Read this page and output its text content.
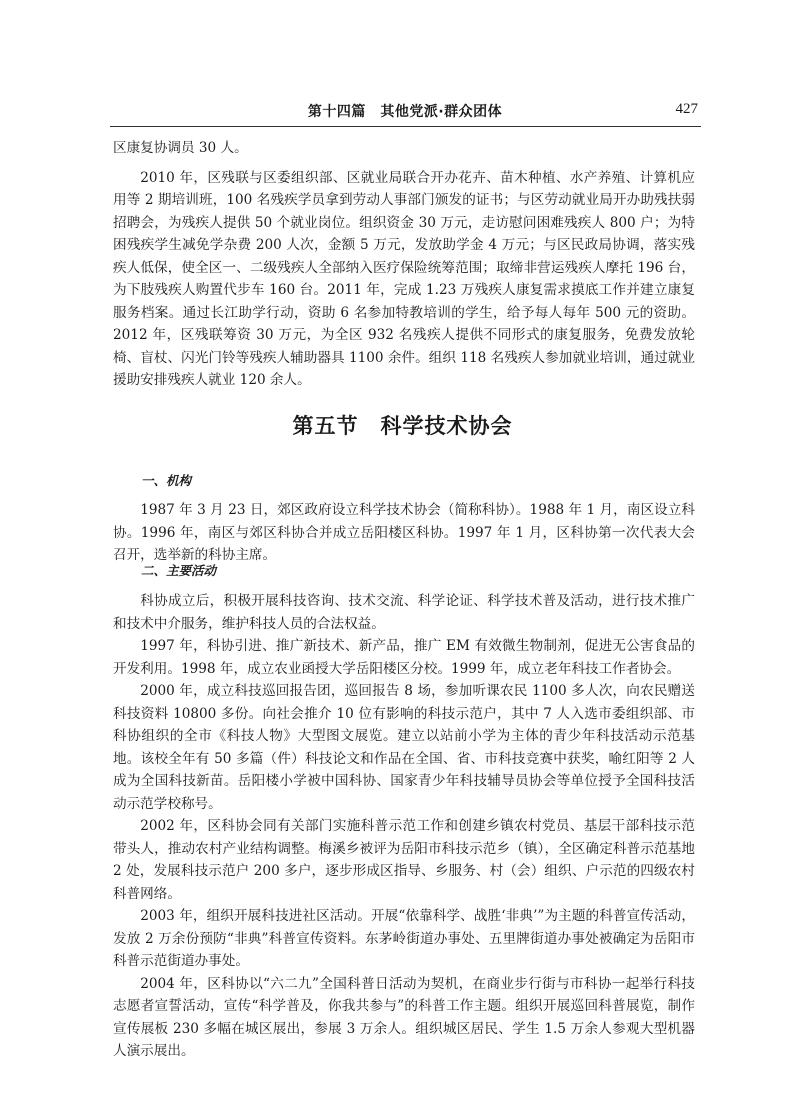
第十四篇　其他党派·群众团体	427

区康复协调员 30 人。

2010 年，区残联与区委组织部、区就业局联合开办花卉、苗木种植、水产养殖、计算机应用等 2 期培训班，100 名残疾学员拿到劳动人事部门颁发的证书；与区劳动就业局开办助残扶弱招聘会，为残疾人提供 50 个就业岗位。组织资金 30 万元，走访慰问困难残疾人 800 户；为特困残疾学生减免学杂费 200 人次，金额 5 万元，发放助学金 4 万元；与区民政局协调，落实残疾人低保，使全区一、二级残疾人全部纳入医疗保险统筹范围；取缔非营运残疾人摩托 196 台，为下肢残疾人购置代步车 160 台。2011 年，完成 1.23 万残疾人康复需求摸底工作并建立康复服务档案。通过长江助学行动，资助 6 名参加特教培训的学生，给予每人每年 500 元的资助。2012 年，区残联筹资 30 万元，为全区 932 名残疾人提供不同形式的康复服务，免费发放轮椅、盲杖、闪光门铃等残疾人辅助器具 1100 余件。组织 118 名残疾人参加就业培训，通过就业援助安排残疾人就业 120 余人。

第五节　科学技术协会
一、机构

1987 年 3 月 23 日，郊区政府设立科学技术协会（简称科协）。1988 年 1 月，南区设立科协。1996 年，南区与郊区科协合并成立岳阳楼区科协。1997 年 1 月，区科协第一次代表大会召开，选举新的科协主席。

二、主要活动

科协成立后，积极开展科技咨询、技术交流、科学论证、科学技术普及活动，进行技术推广和技术中介服务，维护科技人员的合法权益。

1997 年，科协引进、推广新技术、新产品，推广 EM 有效微生物制剂，促进无公害食品的开发利用。1998 年，成立农业函授大学岳阳楼区分校。1999 年，成立老年科技工作者协会。

2000 年，成立科技巡回报告团，巡回报告 8 场，参加听课农民 1100 多人次，向农民赠送科技资料 10800 多份。向社会推介 10 位有影响的科技示范户，其中 7 人入选市委组织部、市科协组织的全市《科技人物》大型图文展览。建立以站前小学为主体的青少年科技活动示范基地。该校全年有 50 多篇（件）科技论文和作品在全国、省、市科技竞赛中获奖，喻红阳等 2 人成为全国科技新苗。岳阳楼小学被中国科协、国家青少年科技辅导员协会等单位授予全国科技活动示范学校称号。

2002 年，区科协会同有关部门实施科普示范工作和创建乡镇农村党员、基层干部科技示范带头人，推动农村产业结构调整。梅溪乡被评为岳阳市科技示范乡（镇），全区确定科普示范基地 2 处，发展科技示范户 200 多户，逐步形成区指导、乡服务、村（会）组织、户示范的四级农村科普网络。

2003 年，组织开展科技进社区活动。开展“依靠科学、战胜‘非典’”为主题的科普宣传活动，发放 2 万余份预防“非典”科普宣传资料。东茅岭街道办事处、五里牌街道办事处被确定为岳阳市科普示范街道办事处。

2004 年，区科协以“六二九”全国科普日活动为契机，在商业步行街与市科协一起举行科技志愿者宣誓活动，宣传“科学普及，你我共参与”的科普工作主题。组织开展巡回科普展览，制作宣传展板 230 多幅在城区展出，参展 3 万余人。组织城区居民、学生 1.5 万余人参观大型机器人演示展出。
